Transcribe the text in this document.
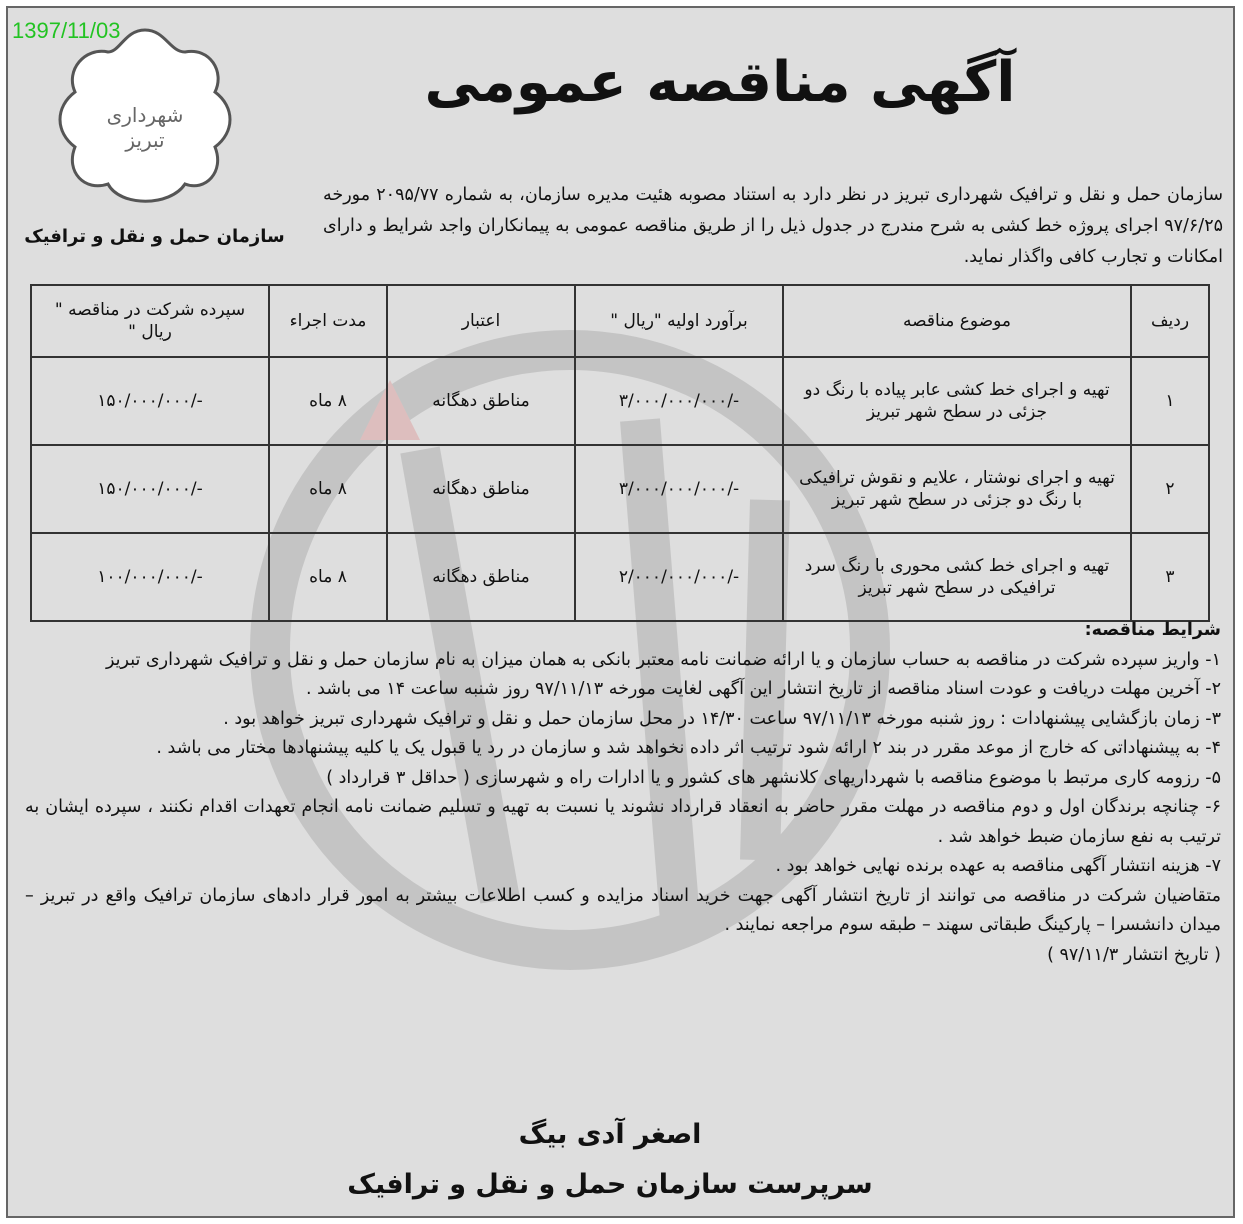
1397/11/03
شهرداری
تبریز
سازمان حمل و نقل و ترافیک
آگهی مناقصه عمومی
سازمان حمل و نقل و ترافیک شهرداری تبریز در نظر دارد به استناد مصوبه هئیت مدیره سازمان، به شماره ۲۰۹۵/۷۷ مورخه ۹۷/۶/۲۵ اجرای پروژه خط کشی به شرح مندرج در جدول ذیل را از طریق مناقصه عمومی به پیمانکاران واجد شرایط و دارای امکانات و تجارب کافی واگذار نماید.
ردیف	موضوع مناقصه	برآورد اولیه "ریال "	اعتبار	مدت اجراء	سپرده شرکت در مناقصه " ریال "
۱	تهیه و اجرای خط کشی عابر پیاده با رنگ دو جزئی در سطح شهر تبریز	-/۳/۰۰۰/۰۰۰/۰۰۰	مناطق دهگانه	۸ ماه	-/۱۵۰/۰۰۰/۰۰۰
۲	تهیه و اجرای نوشتار ، علایم و نقوش ترافیکی با رنگ دو جزئی در سطح شهر تبریز	-/۳/۰۰۰/۰۰۰/۰۰۰	مناطق دهگانه	۸ ماه	-/۱۵۰/۰۰۰/۰۰۰
۳	تهیه و اجرای خط کشی محوری با رنگ سرد ترافیکی در سطح شهر تبریز	-/۲/۰۰۰/۰۰۰/۰۰۰	مناطق دهگانه	۸ ماه	-/۱۰۰/۰۰۰/۰۰۰

شرایط مناقصه:

۱- واریز سپرده شرکت در مناقصه به حساب سازمان و یا ارائه ضمانت نامه معتبر بانکی به همان میزان به نام سازمان حمل و نقل و ترافیک شهرداری تبریز

۲- آخرین مهلت دریافت و عودت اسناد مناقصه از تاریخ انتشار این آگهی لغایت مورخه ۹۷/۱۱/۱۳ روز شنبه ساعت ۱۴ می باشد .

۳- زمان بازگشایی پیشنهادات : روز شنبه مورخه ۹۷/۱۱/۱۳ ساعت ۱۴/۳۰ در محل سازمان حمل و نقل و ترافیک شهرداری تبریز خواهد بود .

۴- به پیشنهاداتی که خارج از موعد مقرر در بند ۲ ارائه شود ترتیب اثر داده نخواهد شد و سازمان در رد یا قبول یک یا کلیه پیشنهادها مختار می باشد .

۵- رزومه کاری مرتبط با موضوع مناقصه با شهرداریهای کلانشهر های کشور و یا ادارات راه و شهرسازی ( حداقل ۳ قرارداد )

۶- چنانچه برندگان اول و دوم مناقصه در مهلت مقرر حاضر به انعقاد قرارداد نشوند یا نسبت به تهیه و تسلیم ضمانت نامه انجام تعهدات اقدام نکنند ، سپرده ایشان به ترتیب به نفع سازمان ضبط خواهد شد .

۷- هزینه انتشار آگهی مناقصه به عهده برنده نهایی خواهد بود .

متقاضیان شرکت در مناقصه می توانند از تاریخ انتشار آگهی جهت خرید اسناد مزایده و کسب اطلاعات بیشتر به امور قرار دادهای سازمان ترافیک واقع در تبریز – میدان دانشسرا – پارکینگ طبقاتی سهند – طبقه سوم مراجعه نمایند .

( تاریخ انتشار ۹۷/۱۱/۳ )

اصغر آدی بیگ
سرپرست سازمان حمل و نقل و ترافیک
